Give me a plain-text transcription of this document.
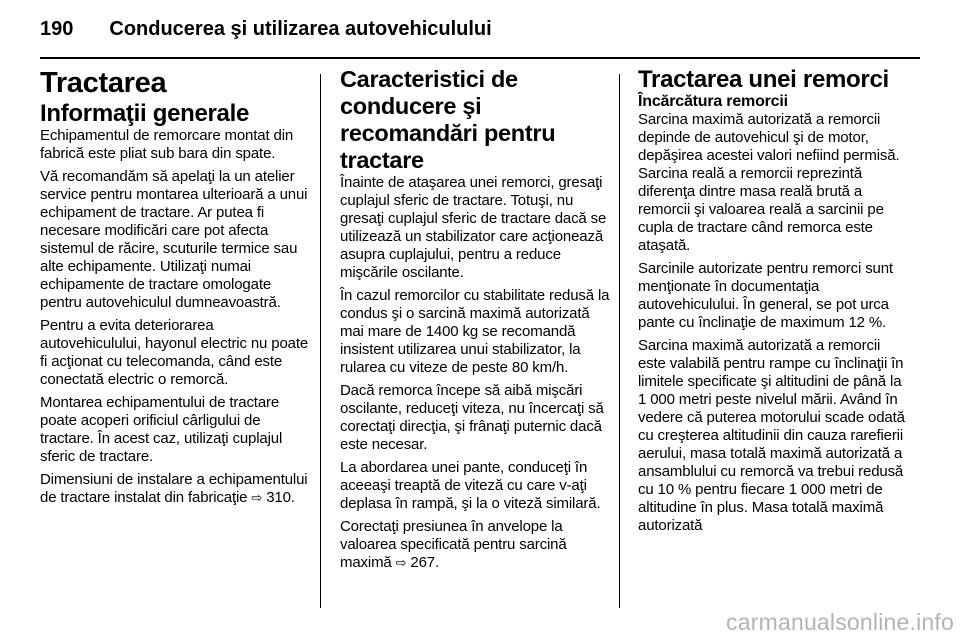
190 Conducerea şi utilizarea autovehiculului
Tractarea
Informaţii generale

Echipamentul de remorcare montat din fabrică este pliat sub bara din spate.

Vă recomandăm să apelaţi la un atelier service pentru montarea ulterioară a unui echipament de tractare. Ar putea fi necesare modificări care pot afecta sistemul de răcire, scuturile termice sau alte echipamente. Utilizaţi numai echipamente de tractare omologate pentru autovehiculul dumneavoastră.

Pentru a evita deteriorarea autovehiculului, hayonul electric nu poate fi acţionat cu telecomanda, când este conectată electric o remorcă.

Montarea echipamentului de tractare poate acoperi orificiul cârligului de tractare. În acest caz, utilizaţi cuplajul sferic de tractare.

Dimensiuni de instalare a echipamentului de tractare instalat din fabricaţie ⇨ 310.

Caracteristici de conducere şi recomandări pentru tractare

Înainte de ataşarea unei remorci, gresaţi cuplajul sferic de tractare. Totuşi, nu gresaţi cuplajul sferic de tractare dacă se utilizează un stabilizator care acţionează asupra cuplajului, pentru a reduce mişcările oscilante.

În cazul remorcilor cu stabilitate redusă la condus şi o sarcină maximă autorizată mai mare de 1400 kg se recomandă insistent utilizarea unui stabilizator, la rularea cu viteze de peste 80 km/h.

Dacă remorca începe să aibă mişcări oscilante, reduceţi viteza, nu încercaţi să corectaţi direcţia, şi frânaţi puternic dacă este necesar.

La abordarea unei pante, conduceţi în aceeaşi treaptă de viteză cu care v-aţi deplasa în rampă, şi la o viteză similară.

Corectaţi presiunea în anvelope la valoarea specificată pentru sarcină maximă ⇨ 267.

Tractarea unei remorci
Încărcătura remorcii

Sarcina maximă autorizată a remorcii depinde de autovehicul şi de motor, depăşirea acestei valori nefiind permisă. Sarcina reală a remorcii reprezintă diferenţa dintre masa reală brută a remorcii şi valoarea reală a sarcinii pe cupla de tractare când remorca este ataşată.

Sarcinile autorizate pentru remorci sunt menţionate în documentaţia autovehiculului. În general, se pot urca pante cu înclinaţie de maximum 12 %.

Sarcina maximă autorizată a remorcii este valabilă pentru rampe cu înclinaţii în limitele specificate şi altitudini de până la 1 000 metri peste nivelul mării. Având în vedere că puterea motorului scade odată cu creşterea altitudinii din cauza rarefierii aerului, masa totală maximă autorizată a ansamblului cu remorcă va trebui redusă cu 10 % pentru fiecare 1 000 metri de altitudine în plus. Masa totală maximă autorizată

carmanualsonline.info
